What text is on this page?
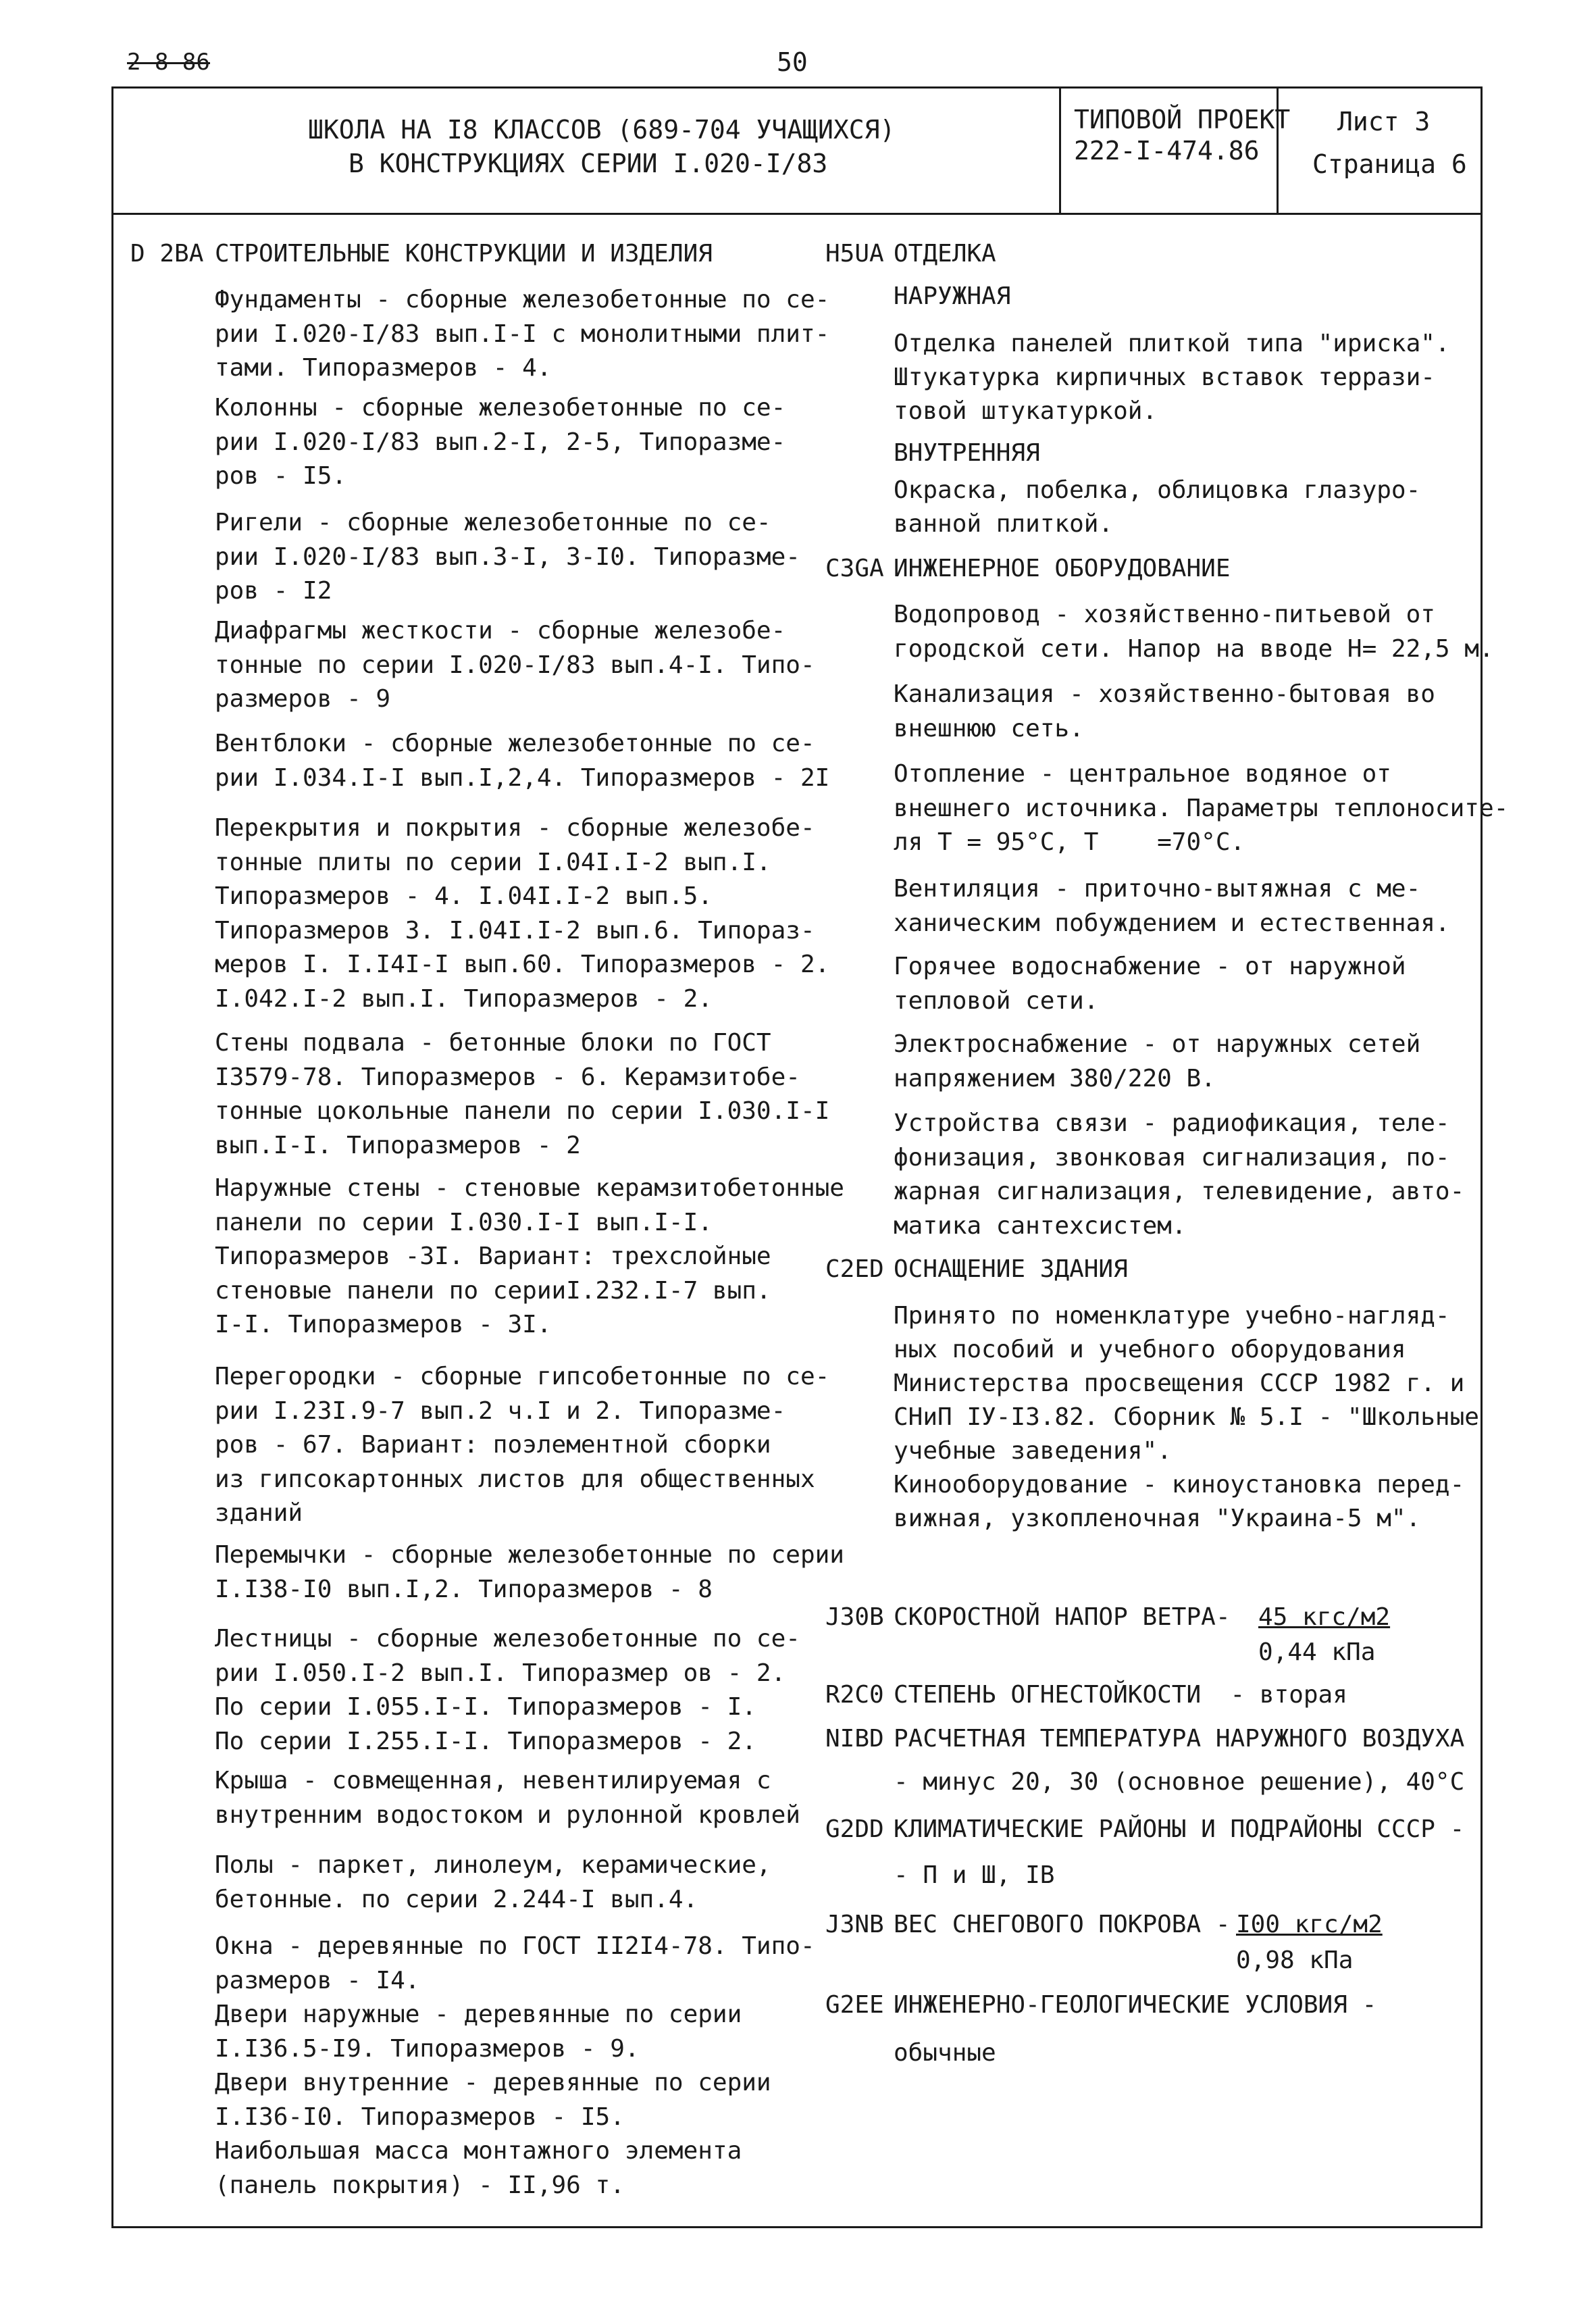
2-8-86	50
ШКОЛА НА I8 КЛАССОВ (689-704 УЧАЩИХСЯ)
В КОНСТРУКЦИЯХ СЕРИИ I.020-I/83
ТИПОВОЙ ПРОЕКТ
222-I-474.86
Лист 3
Страница 6
D 2BA СТРОИТЕЛЬНЫЕ КОНСТРУКЦИИ И ИЗДЕЛИЯ
Фундаменты - сборные железобетонные по се-
рии I.020-I/83 вып.I-I с монолитными плит-
тами. Типоразмеров - 4.
Колонны - сборные железобетонные по се-
рии I.020-I/83 вып.2-I, 2-5, Типоразме-
ров - I5.
Ригели - сборные железобетонные по се-
рии I.020-I/83 вып.3-I, 3-I0. Типоразме-
ров - I2
Диафрагмы жесткости - сборные железобе-
тонные по серии I.020-I/83 вып.4-I. Типо-
размеров - 9
Вентблоки - сборные железобетонные по се-
рии I.034.I-I вып.I,2,4. Типоразмеров - 2I
Перекрытия и покрытия - сборные железобе-
тонные плиты по серии I.04I.I-2 вып.I.
Типоразмеров - 4. I.04I.I-2 вып.5.
Типоразмеров 3. I.04I.I-2 вып.6. Типораз-
меров I. I.I4I-I вып.60. Типоразмеров - 2.
I.042.I-2 вып.I. Типоразмеров - 2.
Стены подвала - бетонные блоки по ГОСТ
I3579-78. Типоразмеров - 6. Керамзитобе-
тонные цокольные панели по серии I.030.I-I
вып.I-I. Типоразмеров - 2
Наружные стены - стеновые керамзитобетонные
панели по серии I.030.I-I вып.I-I.
Типоразмеров -3I. Вариант: трехслойные
стеновые панели по серииI.232.I-7 вып.
I-I. Типоразмеров - 3I.
Перегородки - сборные гипсобетонные по се-
рии I.23I.9-7 вып.2 ч.I и 2. Типоразме-
ров - 67. Вариант: поэлементной сборки
из гипсокартонных листов для общественных
зданий
Перемычки - сборные железобетонные по серии
I.I38-I0 вып.I,2. Типоразмеров - 8
Лестницы - сборные железобетонные по се-
рии I.050.I-2 вып.I. Типоразмер ов - 2.
По серии I.055.I-I. Типоразмеров - I.
По серии I.255.I-I. Типоразмеров - 2.
Крыша - совмещенная, невентилируемая с
внутренним водостоком и рулонной кровлей
Полы - паркет, линолеум, керамические,
бетонные. по серии 2.244-I вып.4.
Окна - деревянные по ГОСТ II2I4-78. Типо-
размеров - I4.
Двери наружные - деревянные по серии
I.I36.5-I9. Типоразмеров - 9.
Двери внутренние - деревянные по серии
I.I36-I0. Типоразмеров - I5.
Наибольшая масса монтажного элемента
(панель покрытия) - II,96 т.
H5UA ОТДЕЛКА
НАРУЖНАЯ
Отделка панелей плиткой типа "ириска".
Штукатурка кирпичных вставок террази-
товой штукатуркой.
ВНУТРЕННЯЯ
Окраска, побелка, облицовка глазуро-
ванной плиткой.
C3GA ИНЖЕНЕРНОЕ ОБОРУДОВАНИЕ
Водопровод - хозяйственно-питьевой от
городской сети. Напор на вводе H= 22,5 м.
Канализация - хозяйственно-бытовая во
внешнюю сеть.
Отопление - центральное водяное от
внешнего источника. Параметры теплоносите-
ля T = 95°C, T    =70°C.
Вентиляция - приточно-вытяжная с ме-
ханическим побуждением и естественная.
Горячее водоснабжение - от наружной
тепловой сети.
Электроснабжение - от наружных сетей
напряжением 380/220 В.
Устройства связи - радиофикация, теле-
фонизация, звонковая сигнализация, по-
жарная сигнализация, телевидение, авто-
матика сантехсистем.
C2ED ОСНАЩЕНИЕ ЗДАНИЯ
Принято по номенклатуре учебно-нагляд-
ных пособий и учебного оборудования
Министерства просвещения СССР 1982 г. и
СНиП IУ-I3.82. Сборник № 5.I - "Школьные
учебные заведения".
Кинооборудование - киноустановка перед-
вижная, узкопленочная "Украина-5 м".
J30B СКОРОСТНОЙ НАПОР ВЕТРА - 45 кгс/м2
0,44 кПа
R2C0 СТЕПЕНЬ ОГНЕСТОЙКОСТИ  - вторая
NIBD РАСЧЕТНАЯ ТЕМПЕРАТУРА НАРУЖНОГО ВОЗДУХА
- минус 20, 30 (основное решение), 40°C
G2DD КЛИМАТИЧЕСКИЕ РАЙОНЫ И ПОДРАЙОНЫ СССР -
- П и Ш, IB
J3NB ВЕС СНЕГОВОГО ПОКРОВА - I00 кгс/м2
0,98 кПа
G2EE ИНЖЕНЕРНО-ГЕОЛОГИЧЕСКИЕ УСЛОВИЯ -
обычные
